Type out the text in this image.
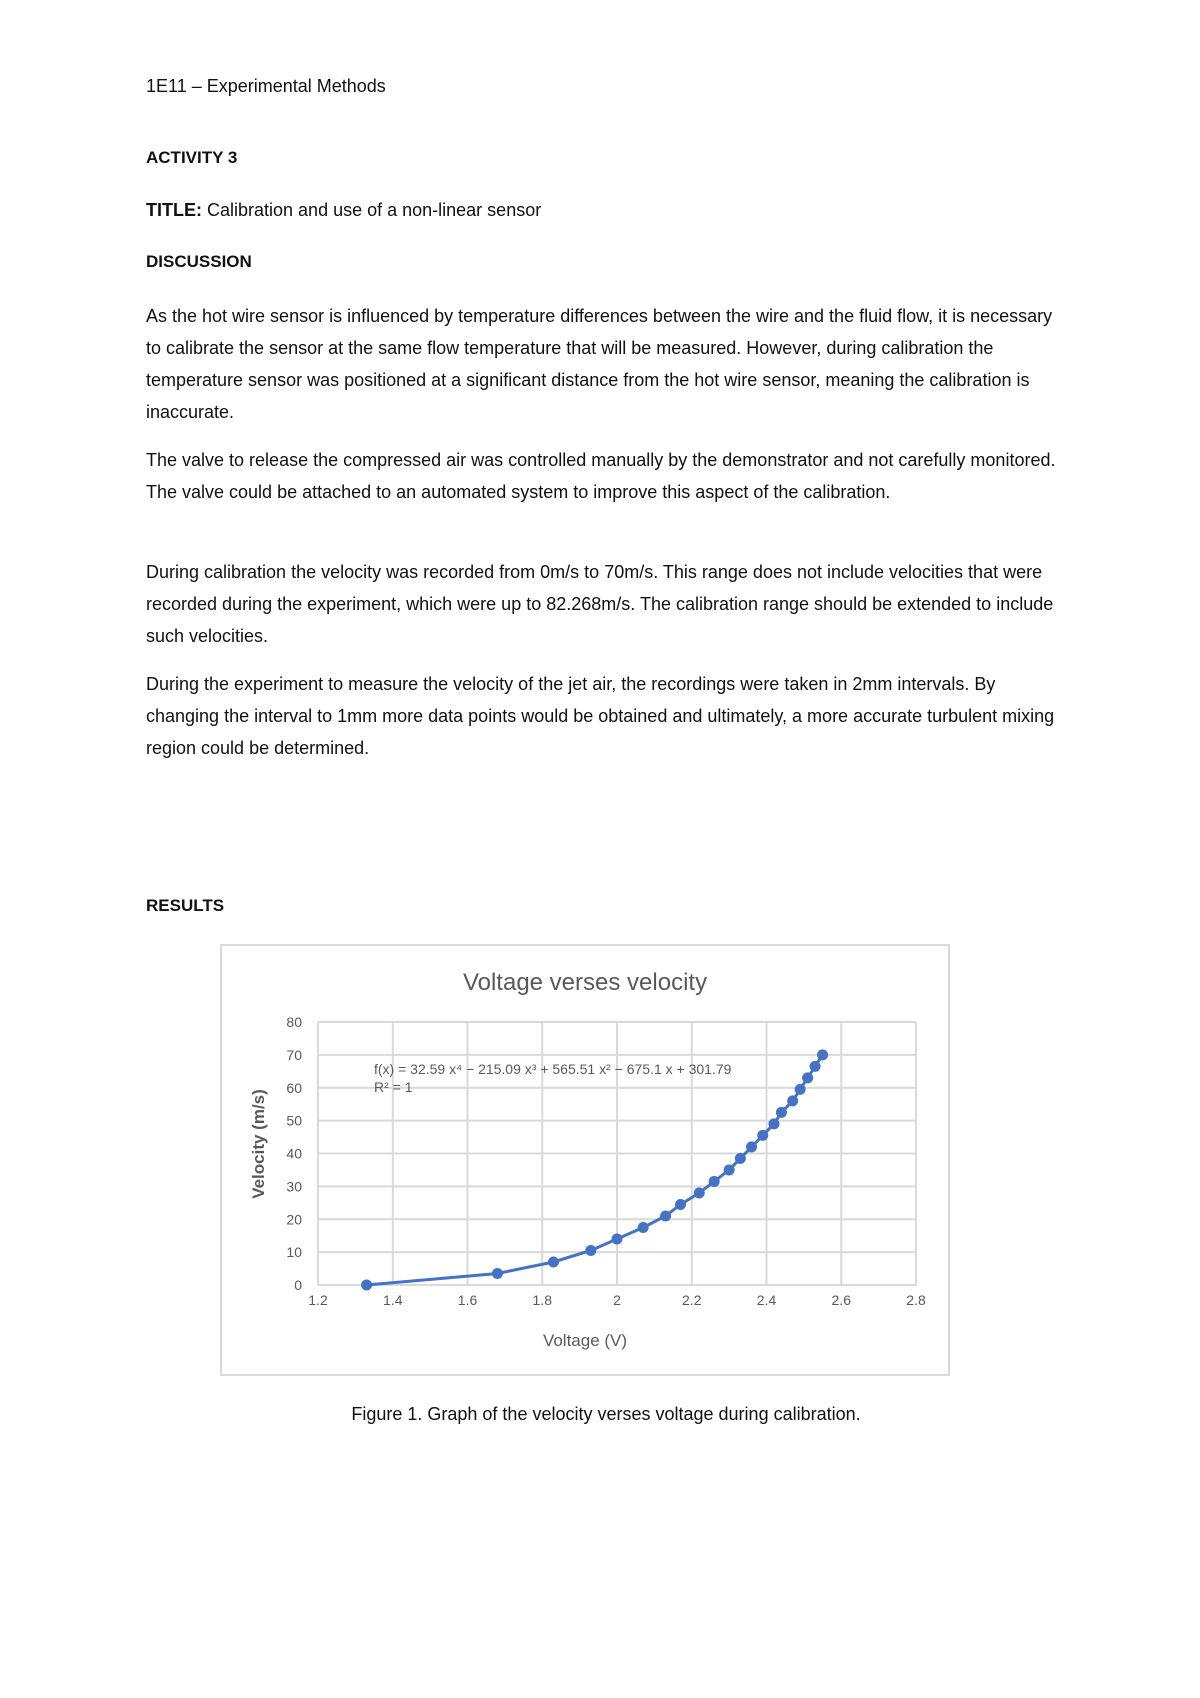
1E11 – Experimental Methods
ACTIVITY 3
TITLE: Calibration and use of a non-linear sensor
DISCUSSION

As the hot wire sensor is influenced by temperature differences between the wire and the fluid flow, it is necessary to calibrate the sensor at the same flow temperature that will be measured. However, during calibration the temperature sensor was positioned at a significant distance from the hot wire sensor, meaning the calibration is inaccurate.

The valve to release the compressed air was controlled manually by the demonstrator and not carefully monitored. The valve could be attached to an automated system to improve this aspect of the calibration.

During calibration the velocity was recorded from 0m/s to 70m/s. This range does not include velocities that were recorded during the experiment, which were up to 82.268m/s. The calibration range should be extended to include such velocities.

During the experiment to measure the velocity of the jet air, the recordings were taken in 2mm intervals. By changing the interval to 1mm more data points would be obtained and ultimately, a more accurate turbulent mixing region could be determined.

RESULTS
Voltage verses velocity
0
10
20
30
40
50
60
70
80
1.2	1.4	1.6	1.8	2	2.2	2.4	2.6	2.8
f(x) = 32.59 x⁴ − 215.09 x³ + 565.51 x² − 675.1 x + 301.79
R² = 1
Voltage (V)
Velocity (m/s)
Figure 1. Graph of the velocity verses voltage during calibration.
